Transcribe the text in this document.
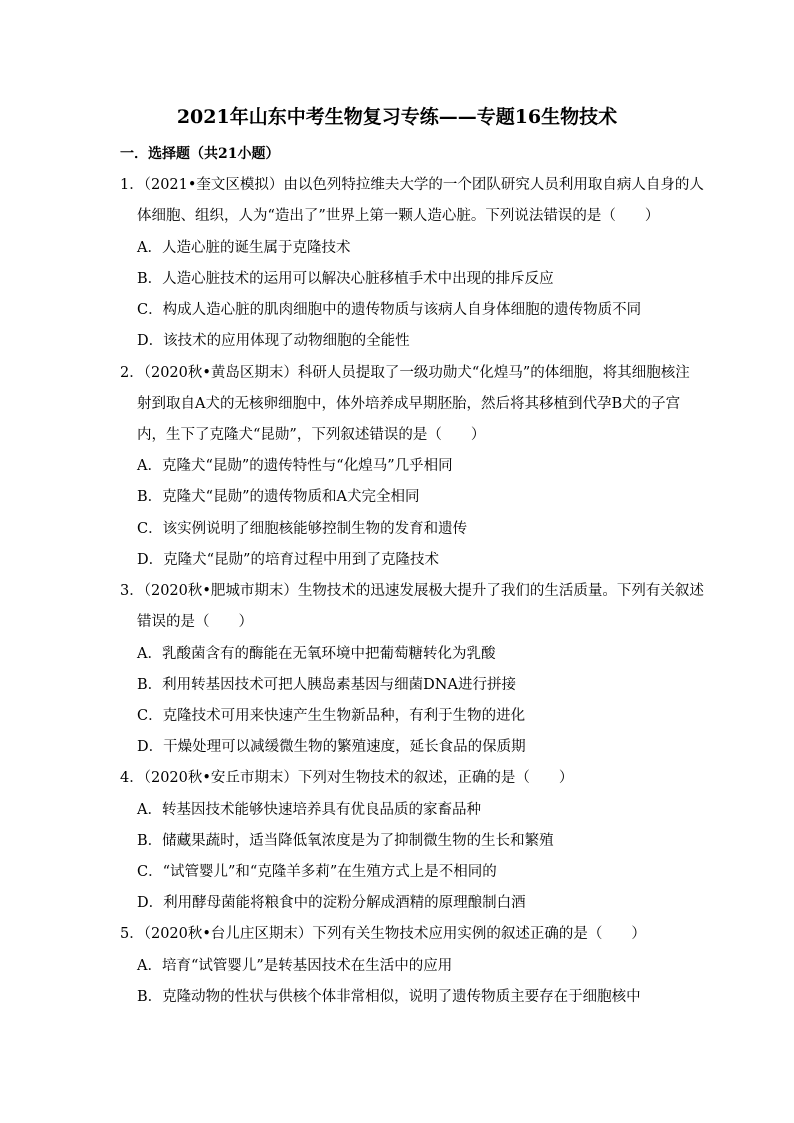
2021年山东中考生物复习专练——专题16生物技术
一．选择题（共21小题）
1．（2021•奎文区模拟）由以色列特拉维夫大学的一个团队研究人员利用取自病人自身的人
体细胞、组织，人为“造出了”世界上第一颗人造心脏。下列说法错误的是（　　）
A．人造心脏的诞生属于克隆技术
B．人造心脏技术的运用可以解决心脏移植手术中出现的排斥反应
C．构成人造心脏的肌肉细胞中的遗传物质与该病人自身体细胞的遗传物质不同
D．该技术的应用体现了动物细胞的全能性
2．（2020秋•黄岛区期末）科研人员提取了一级功勋犬“化煌马”的体细胞，将其细胞核注
射到取自A犬的无核卵细胞中，体外培养成早期胚胎，然后将其移植到代孕B犬的子宫
内，生下了克隆犬“昆勋”，下列叙述错误的是（　　）
A．克隆犬“昆勋”的遗传特性与“化煌马”几乎相同
B．克隆犬“昆勋”的遗传物质和A犬完全相同
C．该实例说明了细胞核能够控制生物的发育和遗传
D．克隆犬“昆勋”的培育过程中用到了克隆技术
3．（2020秋•肥城市期末）生物技术的迅速发展极大提升了我们的生活质量。下列有关叙述
错误的是（　　）
A．乳酸菌含有的酶能在无氧环境中把葡萄糖转化为乳酸
B．利用转基因技术可把人胰岛素基因与细菌DNA进行拼接
C．克隆技术可用来快速产生生物新品种，有利于生物的进化
D．干燥处理可以减缓微生物的繁殖速度，延长食品的保质期
4．（2020秋•安丘市期末）下列对生物技术的叙述，正确的是（　　）
A．转基因技术能够快速培养具有优良品质的家畜品种
B．储藏果蔬时，适当降低氧浓度是为了抑制微生物的生长和繁殖
C．“试管婴儿”和“克隆羊多莉”在生殖方式上是不相同的
D．利用酵母菌能将粮食中的淀粉分解成酒精的原理酿制白酒
5．（2020秋•台儿庄区期末）下列有关生物技术应用实例的叙述正确的是（　　）
A．培育“试管婴儿”是转基因技术在生活中的应用
B．克隆动物的性状与供核个体非常相似，说明了遗传物质主要存在于细胞核中
